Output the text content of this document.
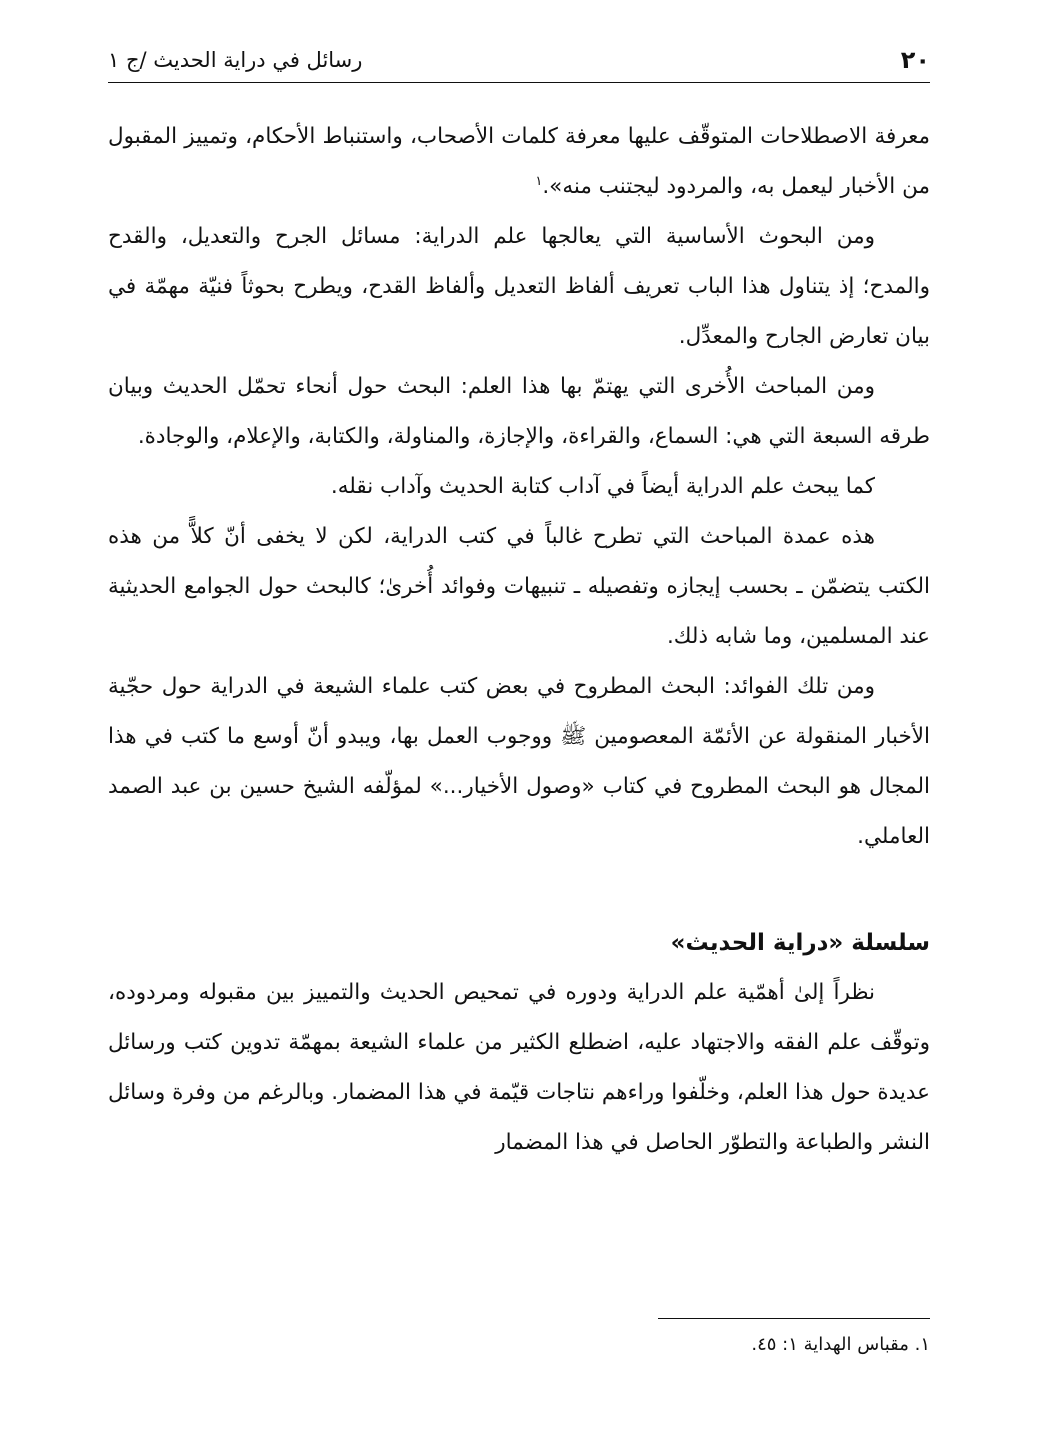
٢٠
رسائل في دراية الحديث /ج ١

معرفة الاصطلاحات المتوقّف عليها معرفة كلمات الأصحاب، واستنباط الأحكام، وتمييز المقبول من الأخبار ليعمل به، والمردود ليجتنب منه».$^١$

ومن البحوث الأساسية التي يعالجها علم الدراية: مسائل الجرح والتعديل، والقدح والمدح؛ إذ يتناول هذا الباب تعريف ألفاظ التعديل وألفاظ القدح، ويطرح بحوثاً فنيّة مهمّة في بيان تعارض الجارح والمعدِّل.

ومن المباحث الأُخرى التي يهتمّ بها هذا العلم: البحث حول أنحاء تحمّل الحديث وبيان طرقه السبعة التي هي: السماع، والقراءة، والإجازة، والمناولة، والكتابة، والإعلام، والوجادة.

كما يبحث علم الدراية أيضاً في آداب كتابة الحديث وآداب نقله.

هذه عمدة المباحث التي تطرح غالباً في كتب الدراية، لكن لا يخفى أنّ كلاًّ من هذه الكتب يتضمّن ـ بحسب إيجازه وتفصيله ـ تنبيهات وفوائد أُخرىٰ؛ كالبحث حول الجوامع الحديثية عند المسلمين، وما شابه ذلك.

ومن تلك الفوائد: البحث المطروح في بعض كتب علماء الشيعة في الدراية حول حجّية الأخبار المنقولة عن الأئمّة المعصومين ﷺ ووجوب العمل بها، ويبدو أنّ أوسع ما كتب في هذا المجال هو البحث المطروح في كتاب «وصول الأخيار...» لمؤلّفه الشيخ حسين بن عبد الصمد العاملي.

سلسلة «دراية الحديث»

نظراً إلىٰ أهمّية علم الدراية ودوره في تمحيص الحديث والتمييز بين مقبوله ومردوده، وتوقّف علم الفقه والاجتهاد عليه، اضطلع الكثير من علماء الشيعة بمهمّة تدوين كتب ورسائل عديدة حول هذا العلم، وخلّفوا وراءهم نتاجات قيّمة في هذا المضمار. وبالرغم من وفرة وسائل النشر والطباعة والتطوّر الحاصل في هذا المضمار

١. مقباس الهداية ١: ٤٥.
